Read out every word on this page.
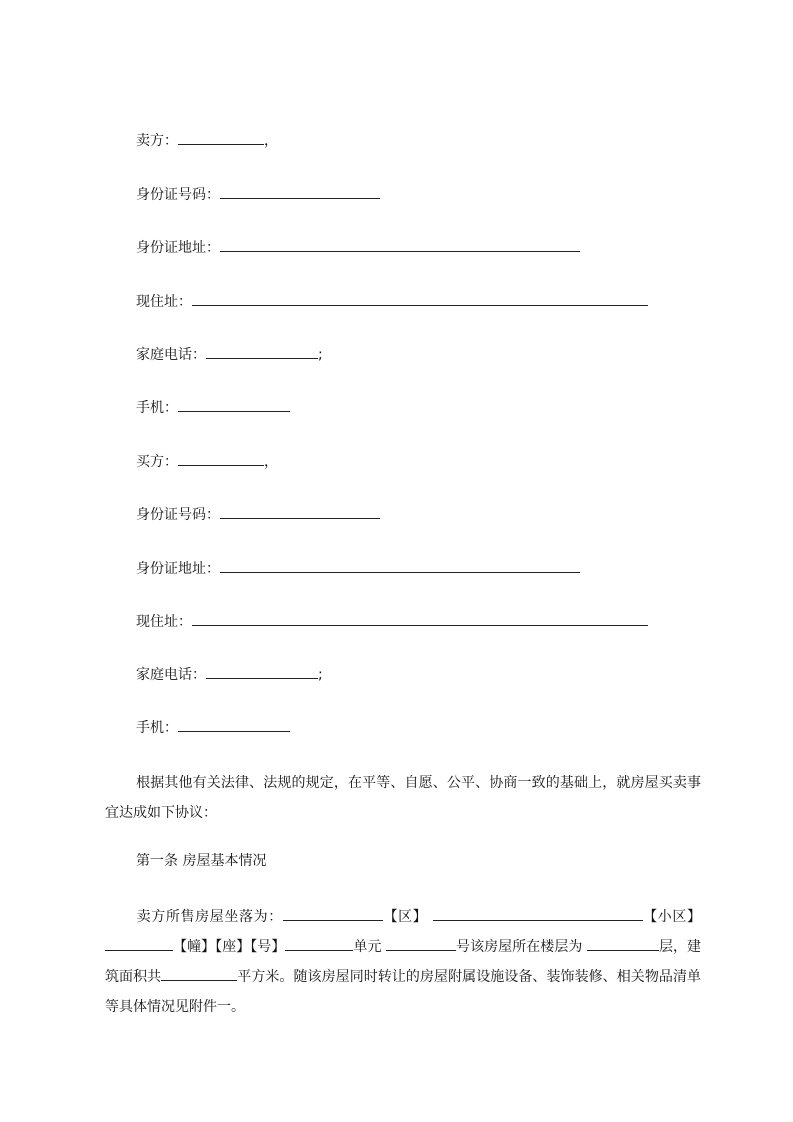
卖方：	，
身份证号码：
身份证地址：
现住址：
家庭电话：	;
手机：
买方：	，
身份证号码：
身份证地址：
现住址：
家庭电话：	;
手机：
根据其他有关法律、法规的规定，在平等、自愿、公平、协商一致的基础上，就房屋买卖事宜达成如下协议：
第一条 房屋基本情况
卖方所售房屋坐落为：	【区】	【小区】【幢】【座】【号】	单元	号该房屋所在楼层为	层，建筑面积共	平方米。随该房屋同时转让的房屋附属设施设备、装饰装修、相关物品清单等具体情况见附件一。
